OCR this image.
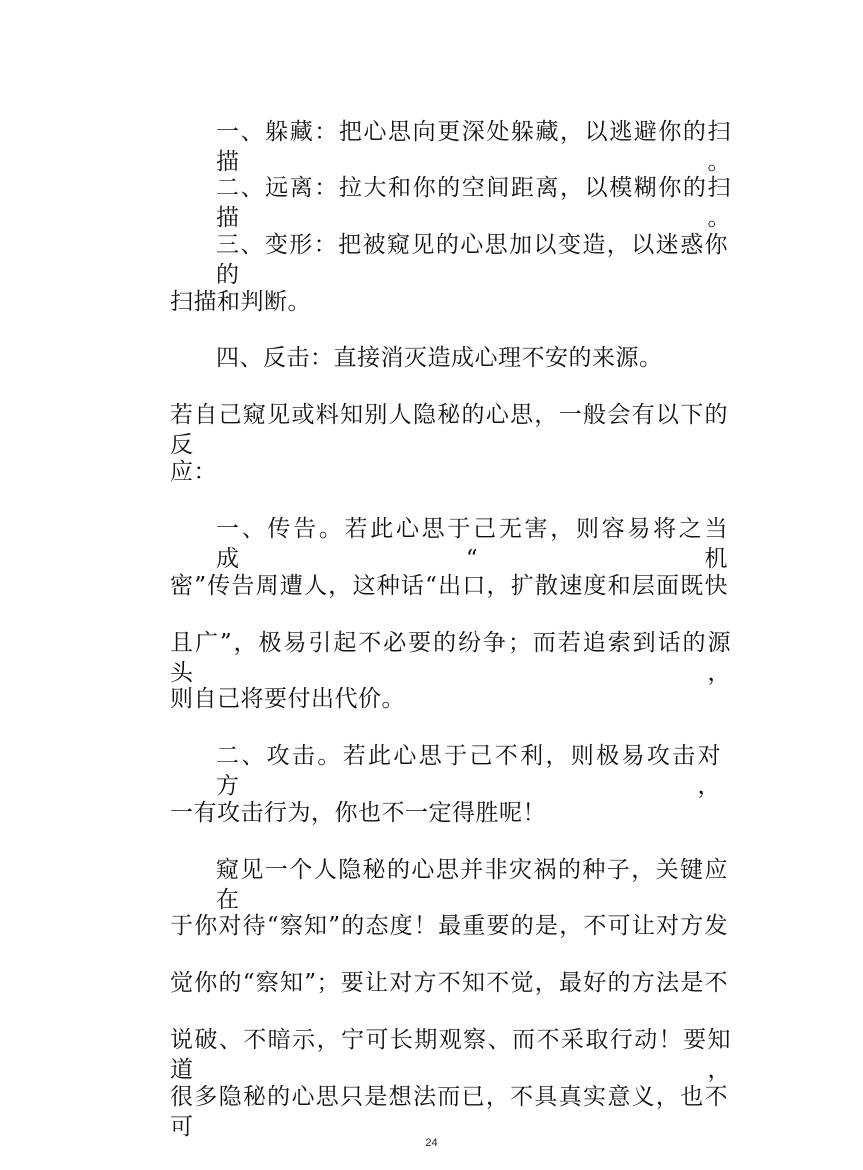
一、躲藏：把心思向更深处躲藏，以逃避你的扫描。
二、远离：拉大和你的空间距离，以模糊你的扫描。
三、变形：把被窥见的心思加以变造，以迷惑你的
扫描和判断。
四、反击：直接消灭造成心理不安的来源。
若自己窥见或料知别人隐秘的心思，一般会有以下的反
应：
一、传告。若此心思于己无害，则容易将之当成“机
密”传告周遭人，这种话“出口，扩散速度和层面既快
且广”，极易引起不必要的纷争；而若追索到话的源头，
则自己将要付出代价。
二、攻击。若此心思于己不利，则极易攻击对方，
一有攻击行为，你也不一定得胜呢！
窥见一个人隐秘的心思并非灾祸的种子，关键应在
于你对待“察知”的态度！最重要的是，不可让对方发
觉你的“察知”；要让对方不知不觉，最好的方法是不
说破、不暗示，宁可长期观察、而不采取行动！要知道，
很多隐秘的心思只是想法而已，不具真实意义，也不可
24
